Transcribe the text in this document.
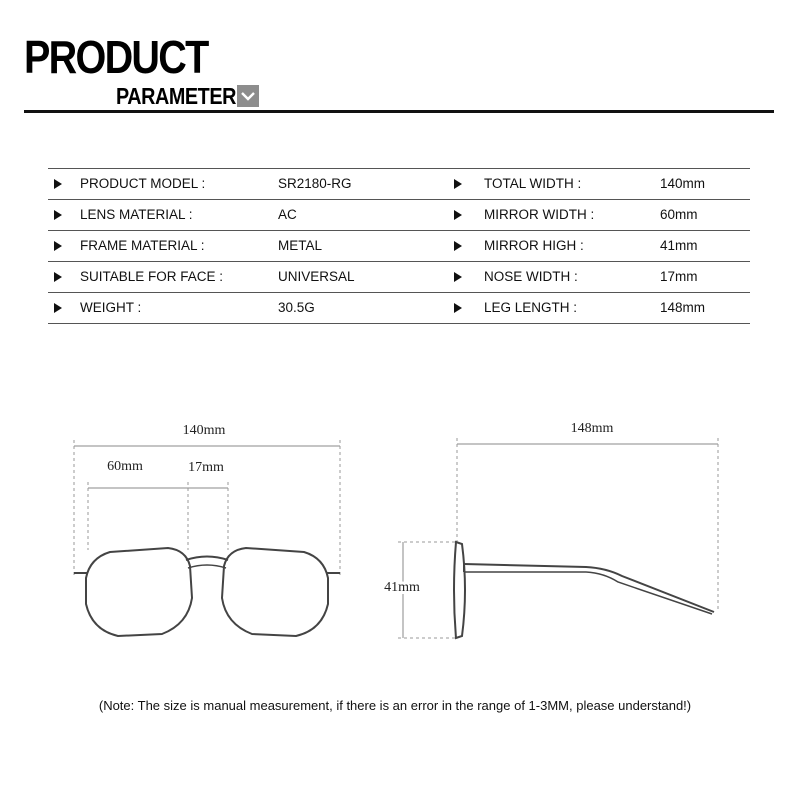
PRODUCT
PARAMETER
PRODUCT MODEL :	SR2180-RG	TOTAL WIDTH :	140mm
LENS MATERIAL :	AC	MIRROR WIDTH :	60mm
FRAME MATERIAL :	METAL	MIRROR HIGH :	41mm
SUITABLE FOR FACE :	UNIVERSAL	NOSE WIDTH :	17mm
WEIGHT :	30.5G	LEG LENGTH :	148mm
140mm
60mm	17mm
148mm
41mm
(Note: The size is manual measurement, if there is an error in the range of 1-3MM, please understand!)
